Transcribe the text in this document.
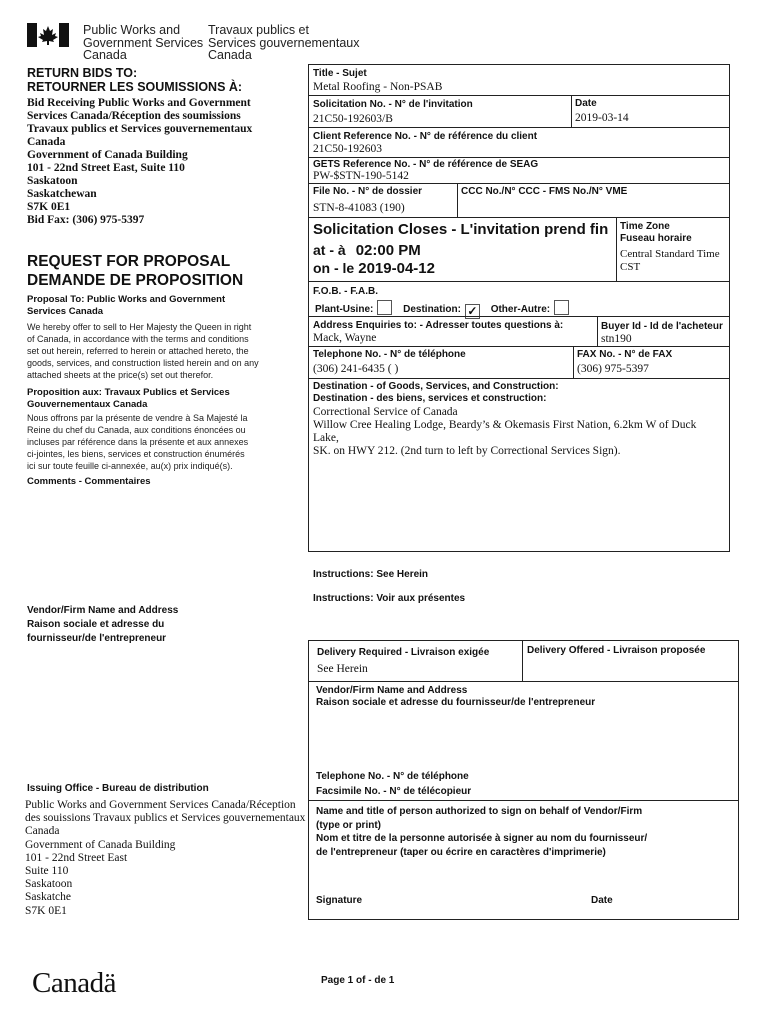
Public Works and
Government Services
Canada
Travaux publics et
Services gouvernementaux
Canada
RETURN BIDS TO:
RETOURNER LES SOUMISSIONS À:
Bid Receiving Public Works and Government
Services Canada/Réception des soumissions
Travaux publics et Services gouvernementaux
Canada
Government of Canada Building
101 - 22nd Street East, Suite 110
Saskatoon
Saskatchewan
S7K 0E1
Bid Fax: (306) 975-5397
REQUEST FOR PROPOSAL
DEMANDE DE PROPOSITION
Proposal To: Public Works and Government
Services Canada
We hereby offer to sell to Her Majesty the Queen in right
of Canada, in accordance with the terms and conditions
set out herein, referred to herein or attached hereto, the
goods, services, and construction listed herein and on any
attached sheets at the price(s) set out therefor.
Proposition aux: Travaux Publics et Services
Gouvernementaux Canada
Nous offrons par la présente de vendre à Sa Majesté la
Reine du chef du Canada, aux conditions énoncées ou
incluses par référence dans la présente et aux annexes
ci-jointes, les biens, services et construction énumérés
ici sur toute feuille ci-annexée, au(x) prix indiqué(s).
Comments - Commentaires
Vendor/Firm Name and Address
Raison sociale et adresse du
fournisseur/de l'entrepreneur
Issuing Office - Bureau de distribution
Public Works and Government Services Canada/Réception
des souissions Travaux publics et Services gouvernementaux
Canada
Government of Canada Building
101 - 22nd Street East
Suite 110
Saskatoon
Saskatche
S7K 0E1
Title - Sujet
Metal Roofing - Non-PSAB
Solicitation No. - N° de l'invitation
21C50-192603/B
Date
2019-03-14
Client Reference No. - N° de référence du client
21C50-192603
GETS Reference No. - N° de référence de SEAG
PW-$STN-190-5142
File No. - N° de dossier
STN-8-41083 (190)
CCC No./N° CCC - FMS No./N° VME
Solicitation Closes - L'invitation prend fin
at - à 02:00 PM
on - le 2019-04-12
Time Zone
Fuseau horaire
Central Standard Time
CST
F.O.B. - F.A.B.
Plant-Usine:	Destination: ✓ Other-Autre:
Address Enquiries to: - Adresser toutes questions à:
Mack, Wayne
Buyer Id - Id de l'acheteur
stn190
Telephone No. - N° de téléphone
(306) 241-6435 ( )
FAX No. - N° de FAX
(306) 975-5397
Destination - of Goods, Services, and Construction:
Destination - des biens, services et construction:
Correctional Service of Canada
Willow Cree Healing Lodge, Beardy’s & Okemasis First Nation, 6.2km W of Duck Lake,
SK. on HWY 212. (2nd turn to left by Correctional Services Sign).
Instructions: See Herein
Instructions: Voir aux présentes
Delivery Required - Livraison exigée
See Herein
Delivery Offered - Livraison proposée
Vendor/Firm Name and Address
Raison sociale et adresse du fournisseur/de l'entrepreneur
Telephone No. - N° de téléphone
Facsimile No. - N° de télécopieur
Name and title of person authorized to sign on behalf of Vendor/Firm
(type or print)
Nom et titre de la personne autorisée à signer au nom du fournisseur/
de l'entrepreneur (taper ou écrire en caractères d'imprimerie)
Signature	Date
Canadä	Page 1 of - de 1
